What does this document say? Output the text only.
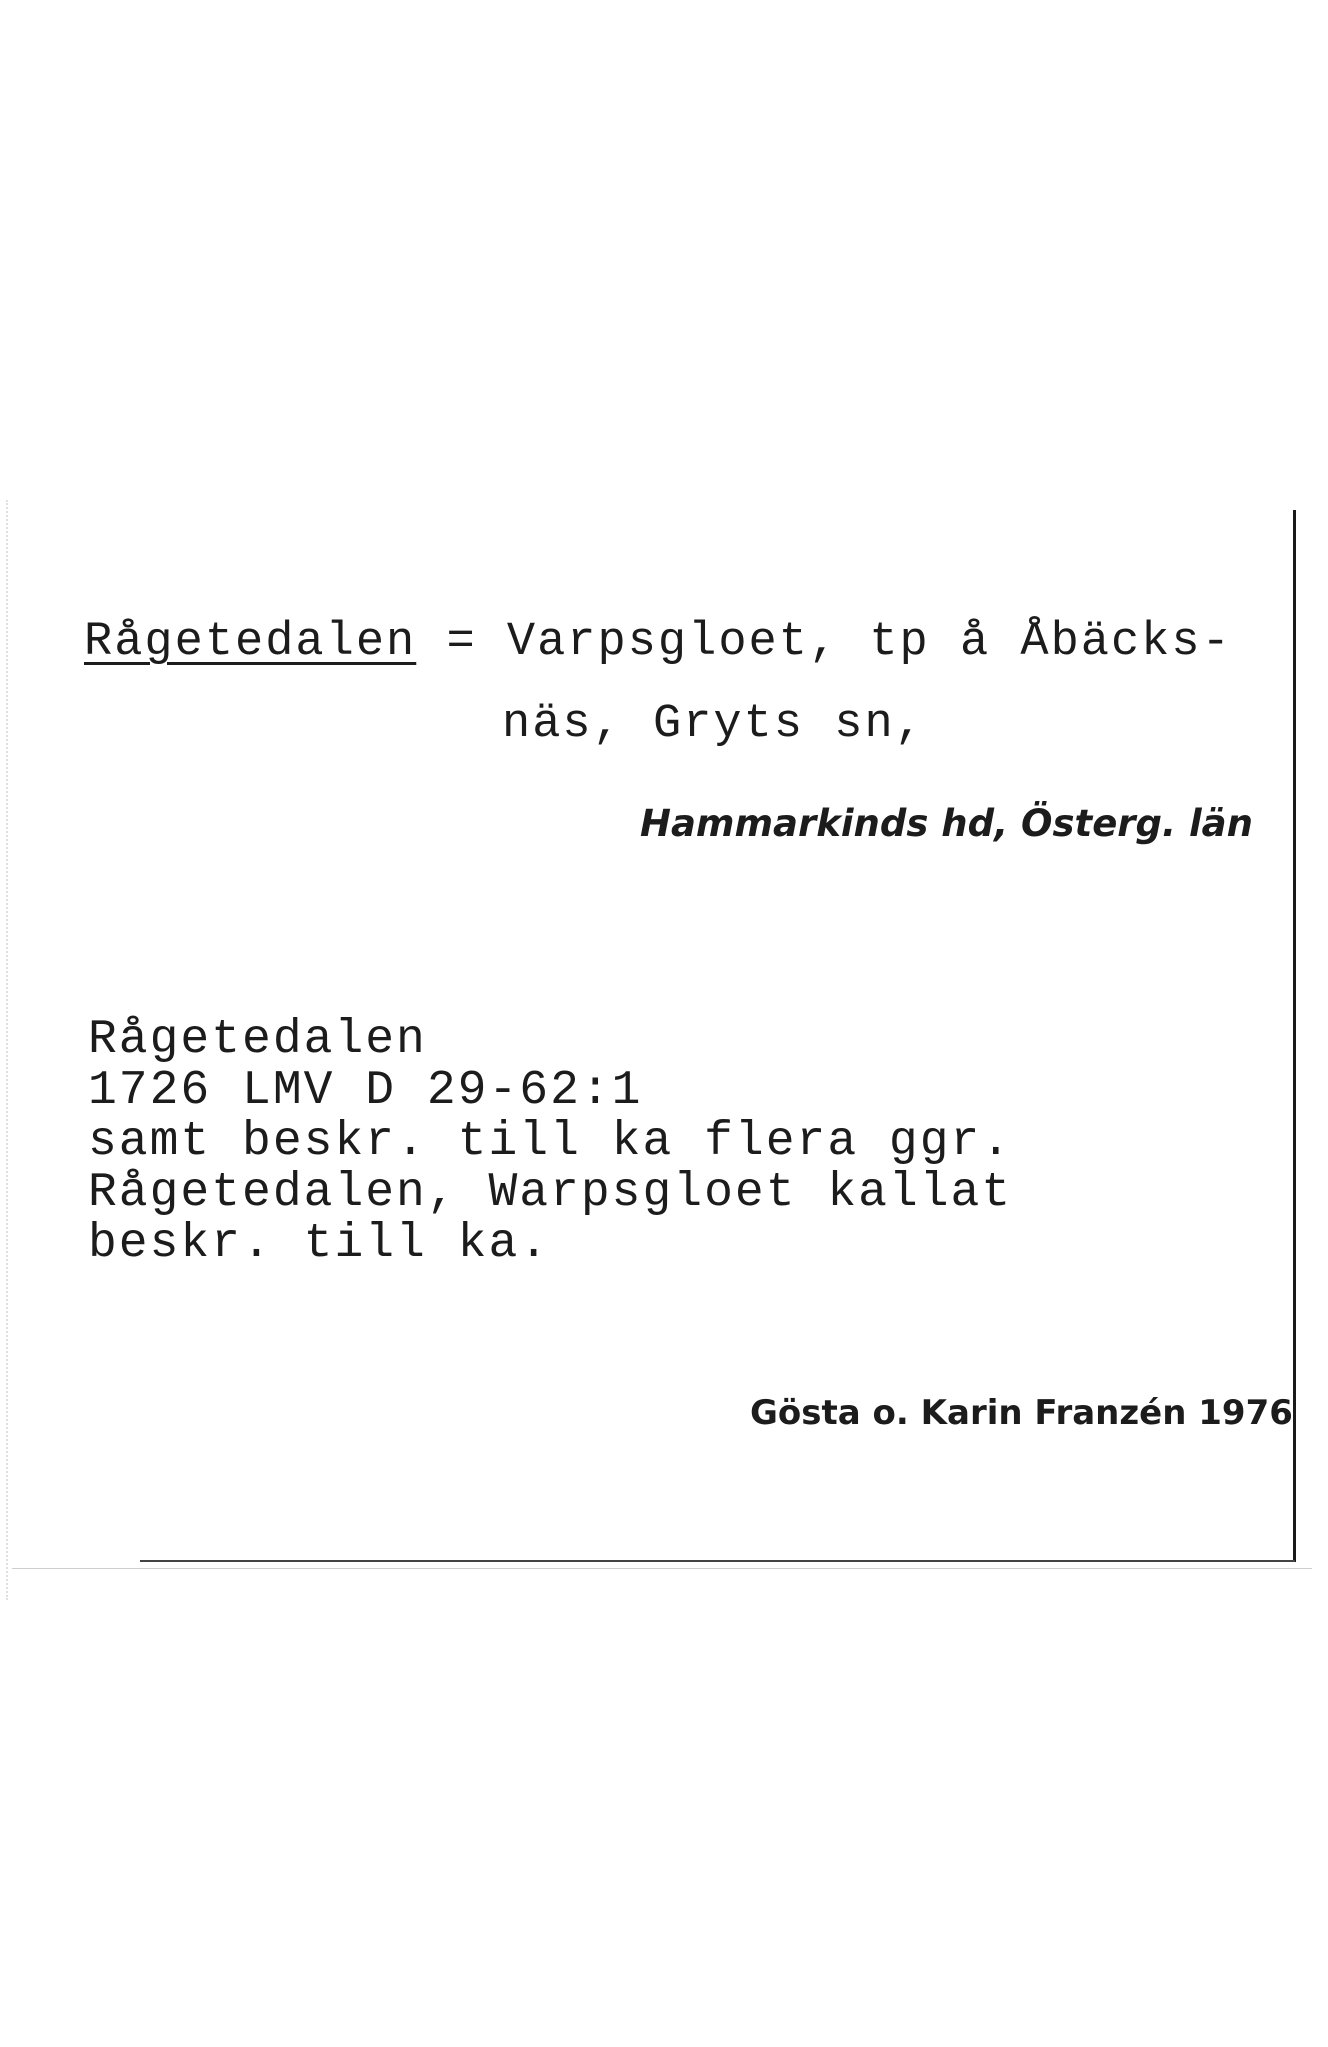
Rågetedalen = Varpsgloet, tp å Åbäcks-
näs, Gryts sn,
Hammarkinds hd, Österg. län
Rågetedalen
1726 LMV D 29-62:1
samt beskr. till ka flera ggr.
Rågetedalen, Warpsgloet kallat
beskr. till ka.
Gösta o. Karin Franzén 1976
